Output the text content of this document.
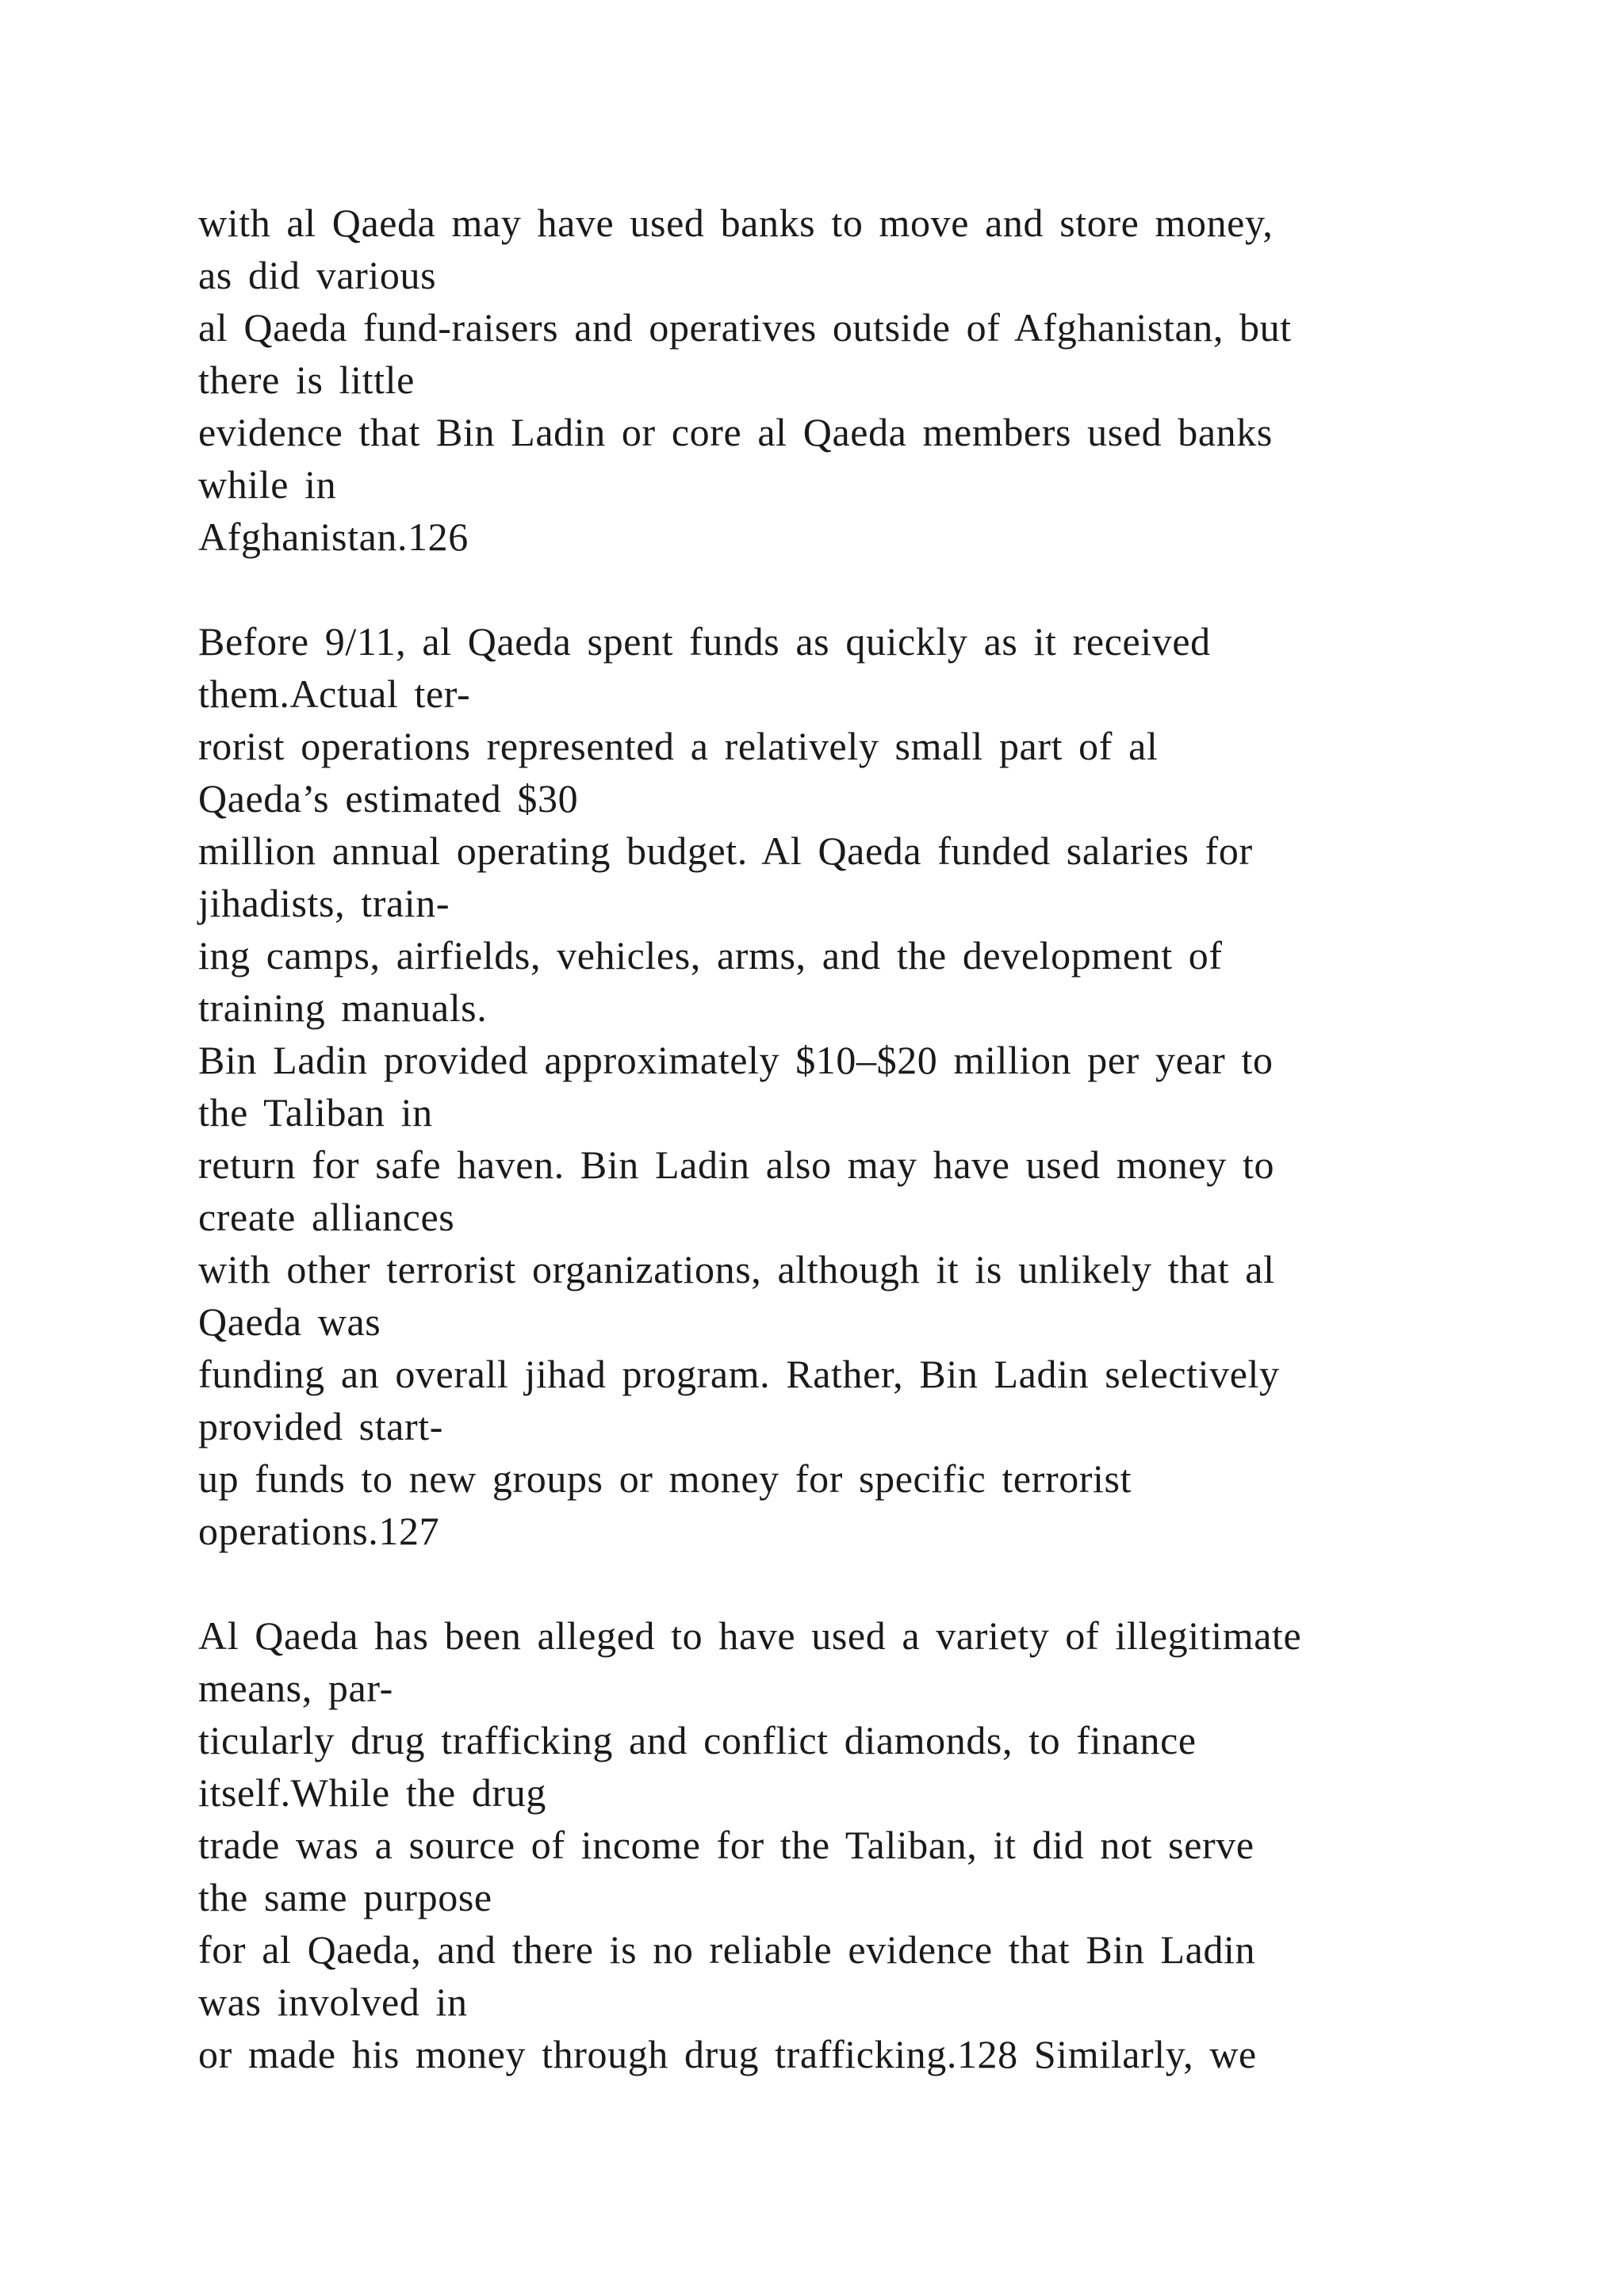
with al Qaeda may have used banks to move and store money,
as did various
al Qaeda fund-raisers and operatives outside of Afghanistan, but
there is little
evidence that Bin Ladin or core al Qaeda members used banks
while in
Afghanistan.126
Before 9/11, al Qaeda spent funds as quickly as it received
them.Actual ter-
rorist operations represented a relatively small part of al
Qaeda’s estimated $30
million annual operating budget. Al Qaeda funded salaries for
jihadists, train-
ing camps, airfields, vehicles, arms, and the development of
training manuals.
Bin Ladin provided approximately $10–$20 million per year to
the Taliban in
return for safe haven. Bin Ladin also may have used money to
create alliances
with other terrorist organizations, although it is unlikely that al
Qaeda was
funding an overall jihad program. Rather, Bin Ladin selectively
provided start-
up funds to new groups or money for specific terrorist
operations.127
Al Qaeda has been alleged to have used a variety of illegitimate
means, par-
ticularly drug trafficking and conflict diamonds, to finance
itself.While the drug
trade was a source of income for the Taliban, it did not serve
the same purpose
for al Qaeda, and there is no reliable evidence that Bin Ladin
was involved in
or made his money through drug trafficking.128 Similarly, we
